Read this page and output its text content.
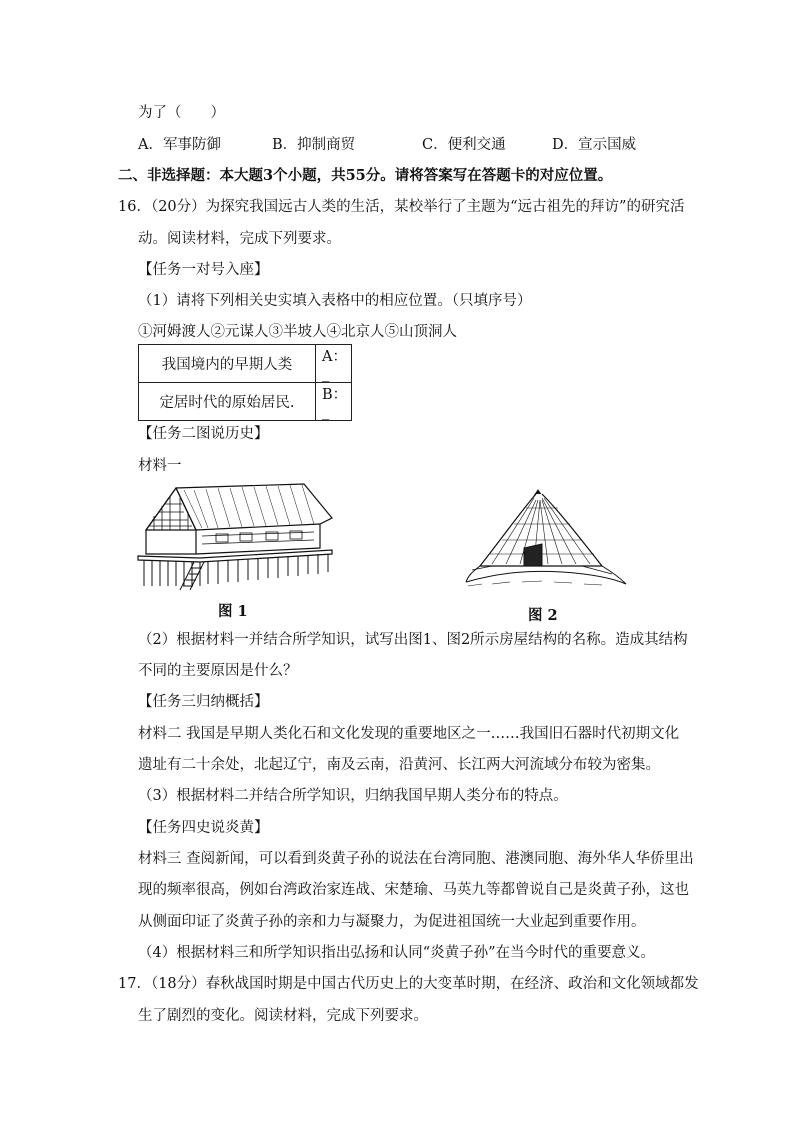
为了（　　）
A．军事防御	B．抑制商贸	C．便利交通	D．宣示国威
二、非选择题：本大题3个小题，共55分。请将答案写在答题卡的对应位置。
16．（20分）为探究我国远古人类的生活，某校举行了主题为“远古祖先的拜访”的研究活
动。阅读材料，完成下列要求。
【任务一对号入座】
（1）请将下列相关史实填入表格中的相应位置。（只填序号）
①河姆渡人②元谋人③半坡人④北京人⑤山顶洞人
我国境内的早期人类	A：_
定居时代的原始居民.	B：_
【任务二图说历史】
材料一
图 1	图 2
（2）根据材料一并结合所学知识，试写出图1、图2所示房屋结构的名称。造成其结构
不同的主要原因是什么？
【任务三归纳概括】
材料二 我国是早期人类化石和文化发现的重要地区之一……我国旧石器时代初期文化
遗址有二十余处，北起辽宁，南及云南，沿黄河、长江两大河流域分布较为密集。
（3）根据材料二并结合所学知识，归纳我国早期人类分布的特点。
【任务四史说炎黄】
材料三 查阅新闻，可以看到炎黄子孙的说法在台湾同胞、港澳同胞、海外华人华侨里出
现的频率很高，例如台湾政治家连战、宋楚瑜、马英九等都曾说自己是炎黄子孙，这也
从侧面印证了炎黄子孙的亲和力与凝聚力，为促进祖国统一大业起到重要作用。
（4）根据材料三和所学知识指出弘扬和认同“炎黄子孙”在当今时代的重要意义。
17．（18分）春秋战国时期是中国古代历史上的大变革时期，在经济、政治和文化领域都发
生了剧烈的变化。阅读材料，完成下列要求。
